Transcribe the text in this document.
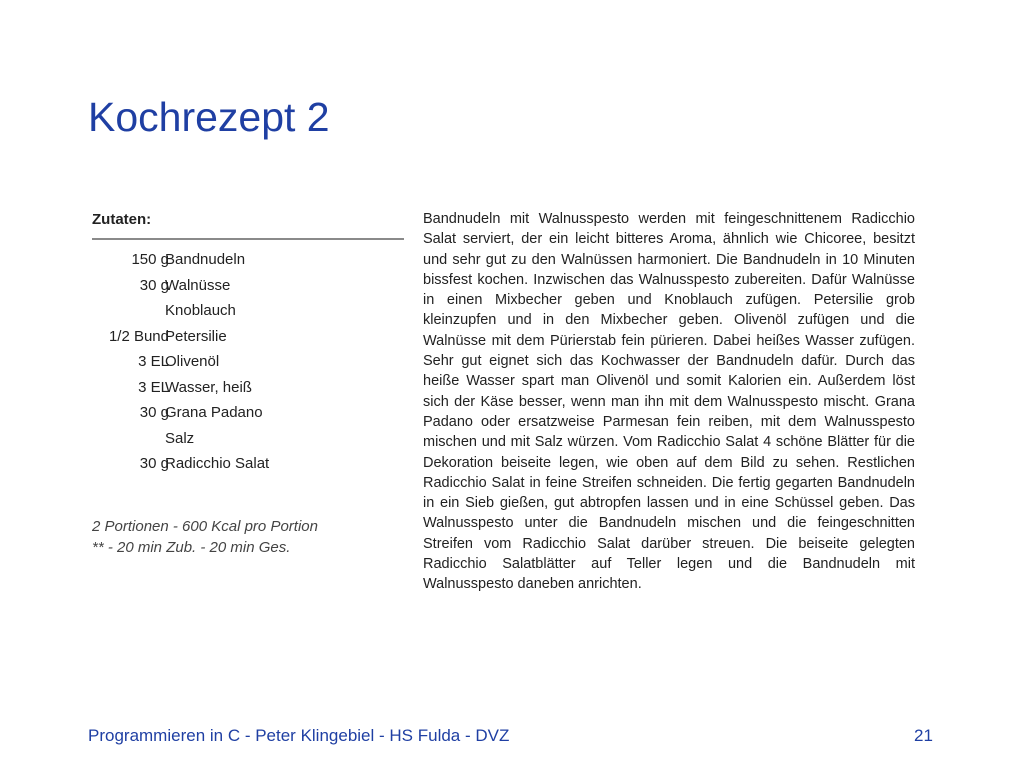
Kochrezept 2
Zutaten:
150 g
Bandnudeln
30 g
Walnüsse
Knoblauch
1/2 Bund
Petersilie
3 EL
Olivenöl
3 EL
Wasser, heiß
30 g
Grana Padano
Salz
30 g
Radicchio Salat
2 Portionen - 600 Kcal pro Portion
** - 20 min Zub. - 20 min Ges.

Bandnudeln mit Walnusspesto werden mit feingeschnittenem Radicchio Salat serviert, der ein leicht bitteres Aroma, ähnlich wie Chicoree, besitzt und sehr gut zu den Walnüssen harmoniert. Die Bandnudeln in 10 Minuten bissfest kochen. Inzwischen das Walnusspesto zubereiten. Dafür Walnüsse in einen Mixbecher geben und Knoblauch zufügen. Petersilie grob kleinzupfen und in den Mixbecher geben. Olivenöl zufügen und die Walnüsse mit dem Pürierstab fein pürieren. Dabei heißes Wasser zufügen. Sehr gut eignet sich das Kochwasser der Bandnudeln dafür. Durch das heiße Wasser spart man Olivenöl und somit Kalorien ein. Außerdem löst sich der Käse besser, wenn man ihn mit dem Walnusspesto mischt. Grana Padano oder ersatzweise Parmesan fein reiben, mit dem Walnusspesto mischen und mit Salz würzen. Vom Radicchio Salat 4 schöne Blätter für die Dekoration beiseite legen, wie oben auf dem Bild zu sehen. Restlichen Radicchio Salat in feine Streifen schneiden. Die fertig gegarten Bandnudeln in ein Sieb gießen, gut abtropfen lassen und in eine Schüssel geben. Das Walnusspesto unter die Bandnudeln mischen und die feingeschnitten Streifen vom Radicchio Salat darüber streuen. Die beiseite gelegten Radicchio Salatblätter auf Teller legen und die Bandnudeln mit Walnusspesto daneben anrichten.

Programmieren in C - Peter Klingebiel - HS Fulda - DVZ	21
